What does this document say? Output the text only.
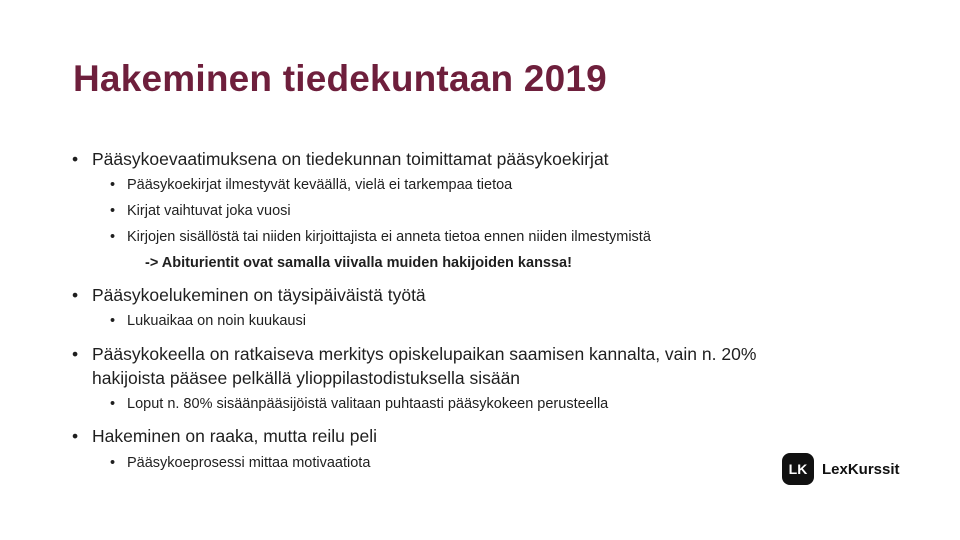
Hakeminen tiedekuntaan 2019
• Pääsykoevaatimuksena on tiedekunnan toimittamat pääsykoekirjat
• Pääsykoekirjat ilmestyvät keväällä, vielä ei tarkempaa tietoa
• Kirjat vaihtuvat joka vuosi
• Kirjojen sisällöstä tai niiden kirjoittajista ei anneta tietoa ennen niiden ilmestymistä
-> Abiturientit ovat samalla viivalla muiden hakijoiden kanssa!
• Pääsykoelukeminen on täysipäiväistä työtä
• Lukuaikaa on noin kuukausi
• Pääsykokeella on ratkaiseva merkitys opiskelupaikan saamisen kannalta, vain n. 20%
hakijoista pääsee pelkällä ylioppilastodistuksella sisään
• Loput n. 80% sisäänpääsijöistä valitaan puhtaasti pääsykokeen perusteella
• Hakeminen on raaka, mutta reilu peli
• Pääsykoeprosessi mittaa motivaatiota	LK LexKurssit
